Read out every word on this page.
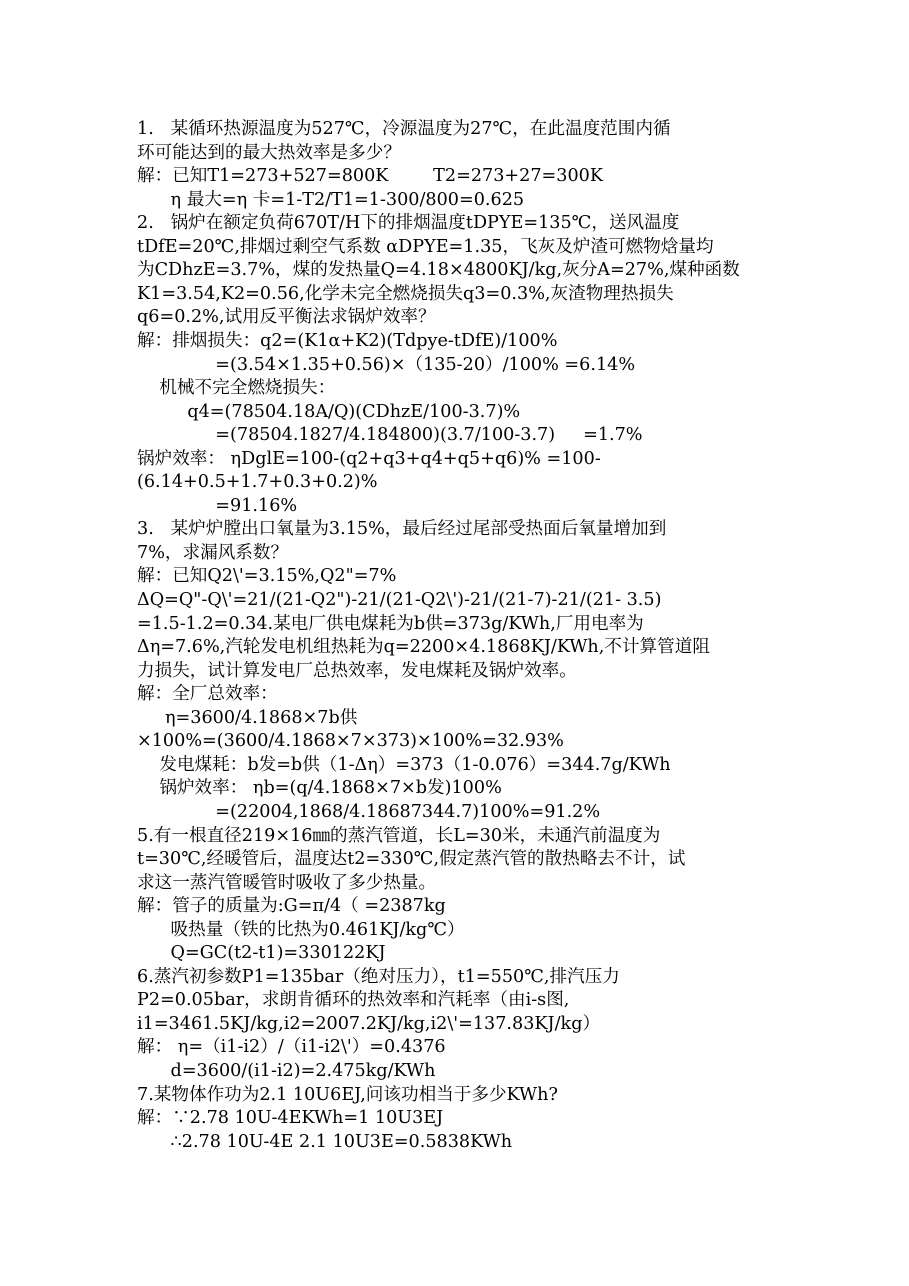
1.   某循环热源温度为527℃，冷源温度为27℃，在此温度范围内循
环可能达到的最大热效率是多少？
解：已知T1=273+527=800K        T2=273+27=300K
η 最大=η 卡=1-T2/T1=1-300/800=0.625
2.   锅炉在额定负荷670T/H下的排烟温度tDPYE=135℃，送风温度
tDfE=20℃,排烟过剩空气系数 αDPYE=1.35，飞灰及炉渣可燃物焓量均
为CDhzE=3.7%，煤的发热量Q=4.18×4800KJ/kg,灰分A=27%,煤种函数
K1=3.54,K2=0.56,化学未完全燃烧损失q3=0.3%,灰渣物理热损失
q6=0.2%,试用反平衡法求锅炉效率？
解：排烟损失：q2=(K1α+K2)(Tdpye-tDfE)/100%
=(3.54×1.35+0.56)×（135-20）/100% =6.14%
机械不完全燃烧损失：
q4=(78504.18A/Q)(CDhzE/100-3.7)%
=(78504.1827/4.184800)(3.7/100-3.7)     =1.7%
锅炉效率： ηDglE=100-(q2+q3+q4+q5+q6)% =100-
(6.14+0.5+1.7+0.3+0.2)%
=91.16%
3.   某炉炉膛出口氧量为3.15%，最后经过尾部受热面后氧量增加到
7%，求漏风系数？
解：已知Q2\'=3.15%,Q2"=7%
ΔQ=Q"-Q\'=21/(21-Q2")-21/(21-Q2\')-21/(21-7)-21/(21- 3.5)
=1.5-1.2=0.34.某电厂供电煤耗为b供=373g/KWh,厂用电率为
Δη=7.6%,汽轮发电机组热耗为q=2200×4.1868KJ/KWh,不计算管道阻
力损失，试计算发电厂总热效率，发电煤耗及锅炉效率。
解：全厂总效率：
η=3600/4.1868×7b供
×100%=(3600/4.1868×7×373)×100%=32.93%
发电煤耗：b发=b供（1-Δη）=373（1-0.076）=344.7g/KWh
锅炉效率： ηb=(q/4.1868×7×b发)100%
=(22004,1868/4.18687344.7)100%=91.2%
5.有一根直径219×16㎜的蒸汽管道，长L=30米，未通汽前温度为
t=30℃,经暖管后，温度达t2=330℃,假定蒸汽管的散热略去不计，试
求这一蒸汽管暖管时吸收了多少热量。
解：管子的质量为:G=π/4（ =2387kg
吸热量（铁的比热为0.461KJ/kg℃）
Q=GC(t2-t1)=330122KJ
6.蒸汽初参数P1=135bar（绝对压力），t1=550℃,排汽压力
P2=0.05bar，求朗肯循环的热效率和汽耗率（由i-s图,
i1=3461.5KJ/kg,i2=2007.2KJ/kg,i2\'=137.83KJ/kg）
解： η=（i1-i2）/（i1-i2\'）=0.4376
d=3600/(i1-i2)=2.475kg/KWh
7.某物体作功为2.1 10U6EJ,问该功相当于多少KWh?
解：∵2.78 10U-4EKWh=1 10U3EJ
∴2.78 10U-4E 2.1 10U3E=0.5838KWh
